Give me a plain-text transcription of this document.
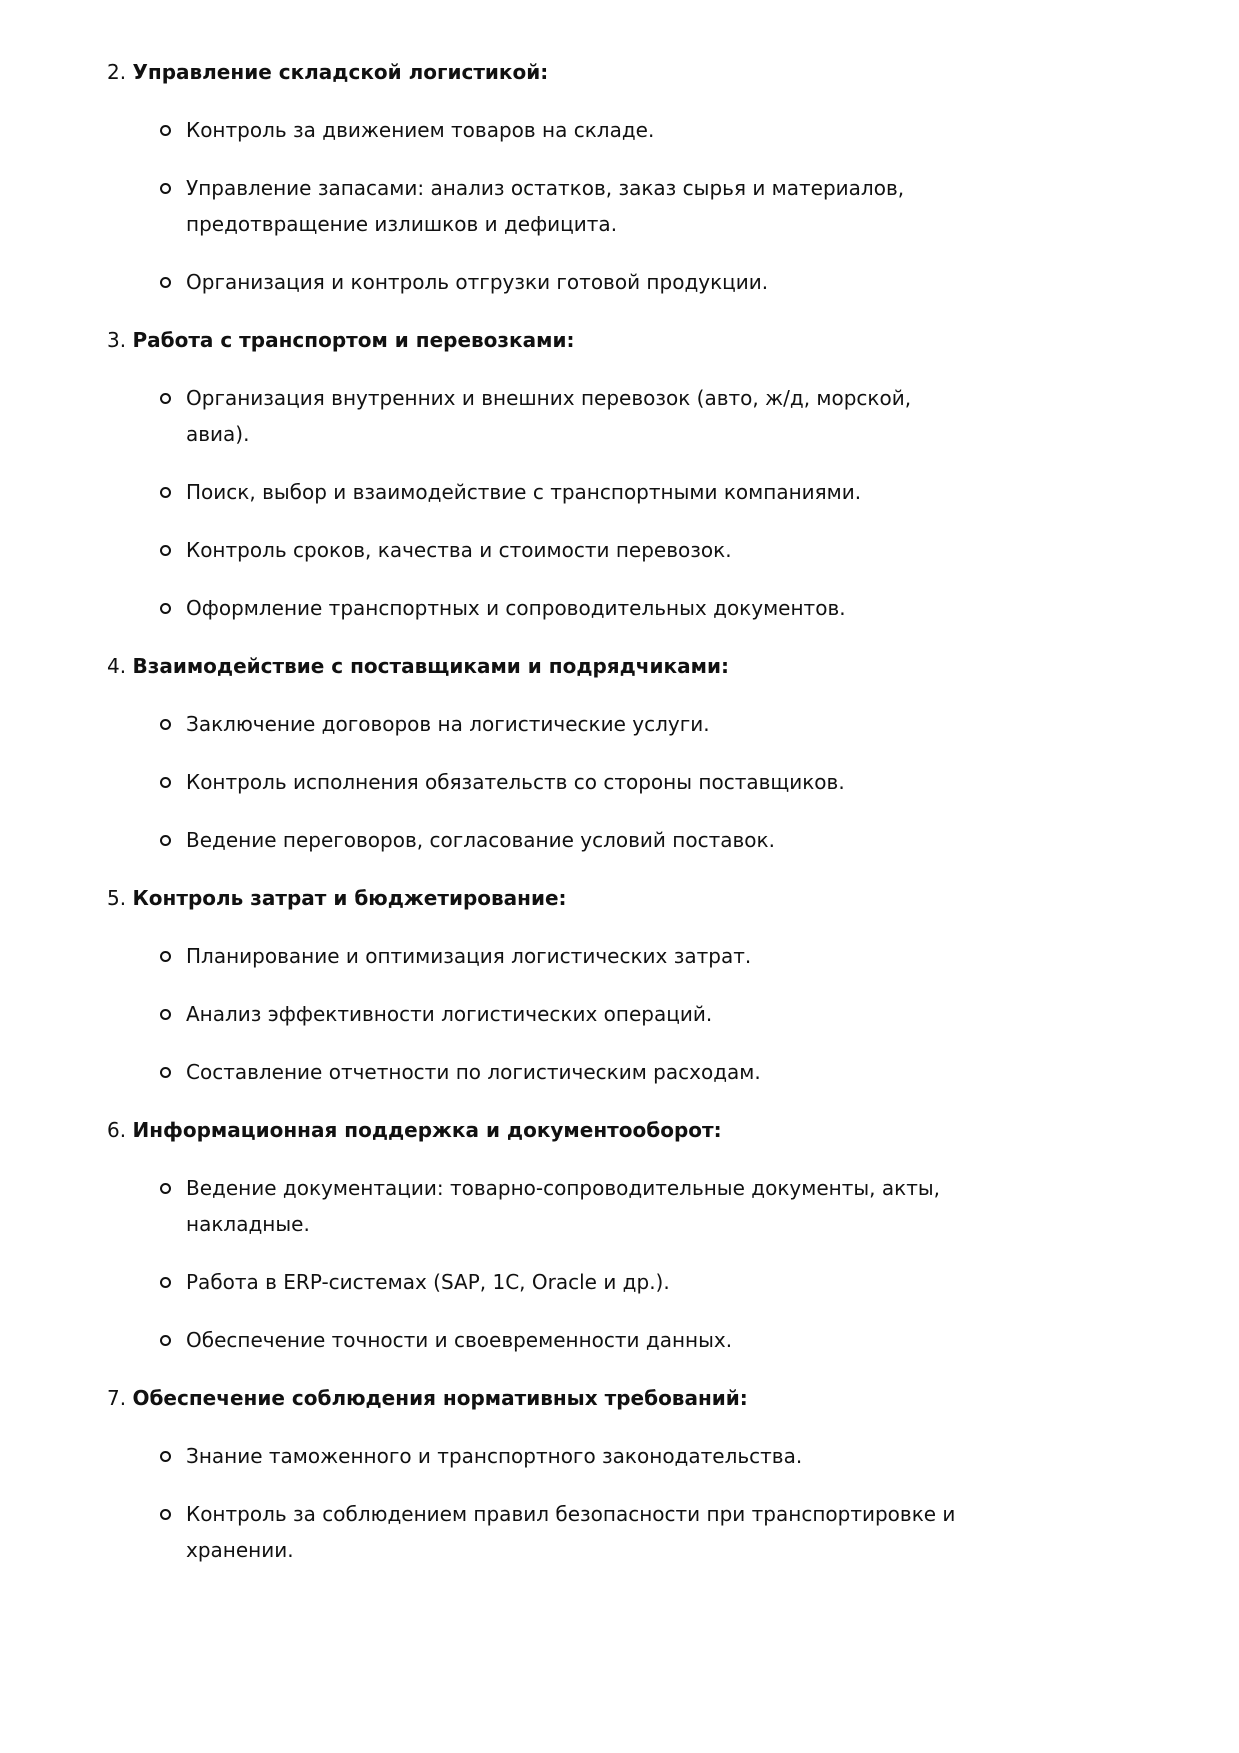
2. Управление складской логистикой:
Контроль за движением товаров на складе.
Управление запасами: анализ остатков, заказ сырья и материалов, предотвращение излишков и дефицита.
Организация и контроль отгрузки готовой продукции.
3. Работа с транспортом и перевозками:
Организация внутренних и внешних перевозок (авто, ж/д, морской, авиа).
Поиск, выбор и взаимодействие с транспортными компаниями.
Контроль сроков, качества и стоимости перевозок.
Оформление транспортных и сопроводительных документов.
4. Взаимодействие с поставщиками и подрядчиками:
Заключение договоров на логистические услуги.
Контроль исполнения обязательств со стороны поставщиков.
Ведение переговоров, согласование условий поставок.
5. Контроль затрат и бюджетирование:
Планирование и оптимизация логистических затрат.
Анализ эффективности логистических операций.
Составление отчетности по логистическим расходам.
6. Информационная поддержка и документооборот:
Ведение документации: товарно-сопроводительные документы, акты, накладные.
Работа в ERP-системах (SAP, 1C, Oracle и др.).
Обеспечение точности и своевременности данных.
7. Обеспечение соблюдения нормативных требований:
Знание таможенного и транспортного законодательства.
Контроль за соблюдением правил безопасности при транспортировке и хранении.
